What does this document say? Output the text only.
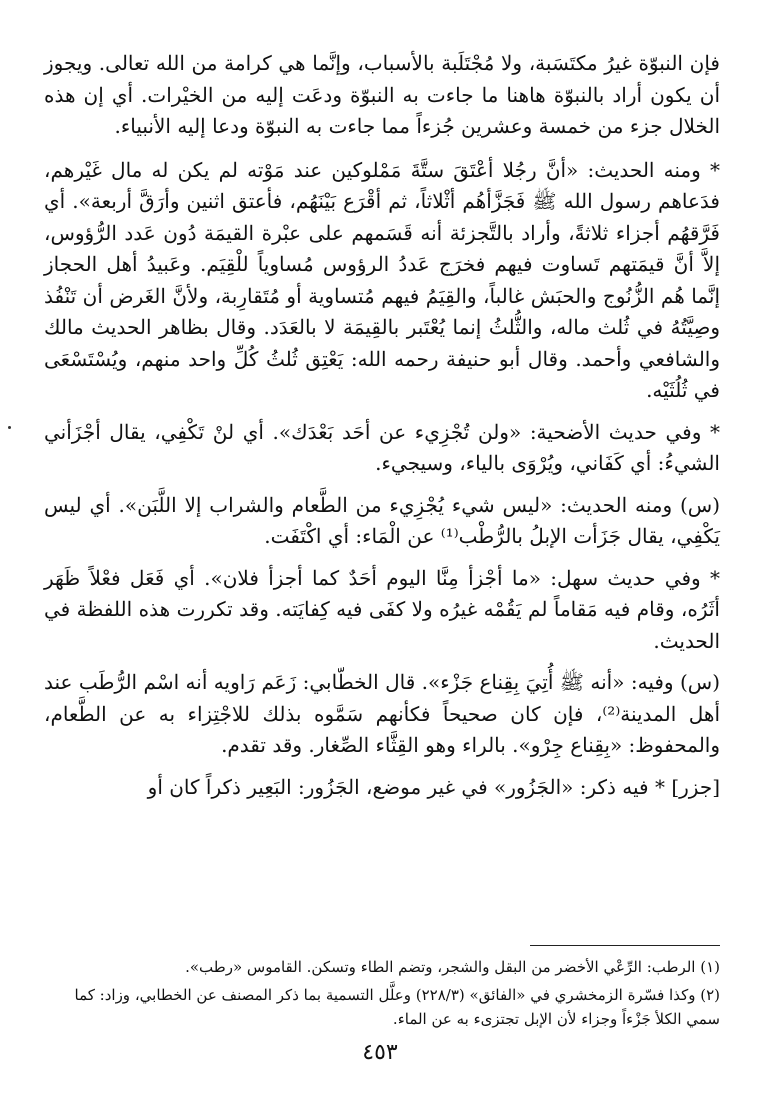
فإن النبوّة غيرُ مكتَسَبة، ولا مُجْتَلَبة بالأسباب، وإنَّما هي كرامة من الله تعالى. ويجوز أن يكون أراد بالنبوّة هاهنا ما جاءت به النبوّة ودعَت إليه من الخيْرات. أي إن هذه الخلال جزء من خمسة وعشرين جُزءاً مما جاءت به النبوّة ودعا إليه الأنبياء.

* ومنه الحديث: «أنَّ رجُلا أعْتَقَ ستَّةَ مَمْلوكين عند مَوْته لم يكن له مال غَيْرهم، فدَعاهم رسول الله ﷺ فَجَزَّأهُم أثْلاثاً، ثم أقْرَع بَيْنَهُم، فأعتق اثنين وأرَقَّ أربعة». أي فَرَّقهُم أجزاء ثلاثةً، وأراد بالتَّجزئة أنه قَسَمهم على عبْرة القيمَة دُون عَدد الرُّؤوس، إلاَّ أنَّ قيمَتهم تَساوت فيهم فخرَج عَددُ الرؤوس مُساوياً للْقِيَم. وعَبيدُ أهل الحجاز إنَّما هُم الزُّنُوج والحبَش غالباً، والقِيَمُ فيهم مُتساوية أو مُتَقارِبة، ولأنَّ الغَرض أن تَنْفُذ وصِيَّتُهُ في ثُلث ماله، والثُّلثُ إنما يُعْتَبر بالقِيمَة لا بالعَدَد. وقال بظاهر الحديث مالك والشافعي وأحمد. وقال أبو حنيفة رحمه الله: يَعْتِق ثُلثُ كُلِّ واحد منهم، ويُسْتَسْعَى في ثُلُثَيْه.

* وفي حديث الأضحية: «ولن تُجْزِيء عن أحَد بَعْدَك». أي لنْ تَكْفِي، يقال أجْزَأني الشيءُ: أي كَفَاني، ويُرْوَى بالياء، وسيجيء.

(س) ومنه الحديث: «ليس شيء يُجْزِيء من الطَّعام والشراب إلا اللَّبَن». أي ليس يَكْفِي، يقال جَزَأت الإبلُ بالرُّطْب⁽¹⁾ عن الْمَاء: أي اكْتَفَت.

* وفي حديث سهل: «ما أجْزأ مِنَّا اليوم أحَدٌ كما أجزأ فلان». أي فَعَل فعْلاً ظَهَر أثَرُه، وقام فيه مَقاماً لم يَقُمْه غيرُه ولا كفَى فيه كِفايَته. وقد تكررت هذه اللفظة في الحديث.

(س) وفيه: «أنه ﷺ أُتِيَ بِقِناع جَزْء». قال الخطّابي: زَعَم رَاويه أنه اسْم الرُّطَب عند أهل المدينة⁽²⁾، فإن كان صحيحاً فكأنهم سَمَّوه بذلك للاجْتِزاء به عن الطَّعام، والمحفوظ: «بِقِناع جِرْو». بالراء وهو القِثَّاء الصِّغار. وقد تقدم.

[جزر] * فيه ذكر: «الجَزُور» في غير موضع، الجَزُور: البَعِير ذكراً كان أو

(١) الرطب: الرِّعْي الأخضر من البقل والشجر، وتضم الطاء وتسكن. القاموس «رطب».

(٢) وكذا فسّرة الزمخشري في «الفائق» (٢٢٨/٣) وعلَّل التسمية بما ذكر المصنف عن الخطابي، وزاد: كما سمي الكلأ جَزْءاً وجزاء لأن الإبل تجتزىء به عن الماء.

٤٥٣
